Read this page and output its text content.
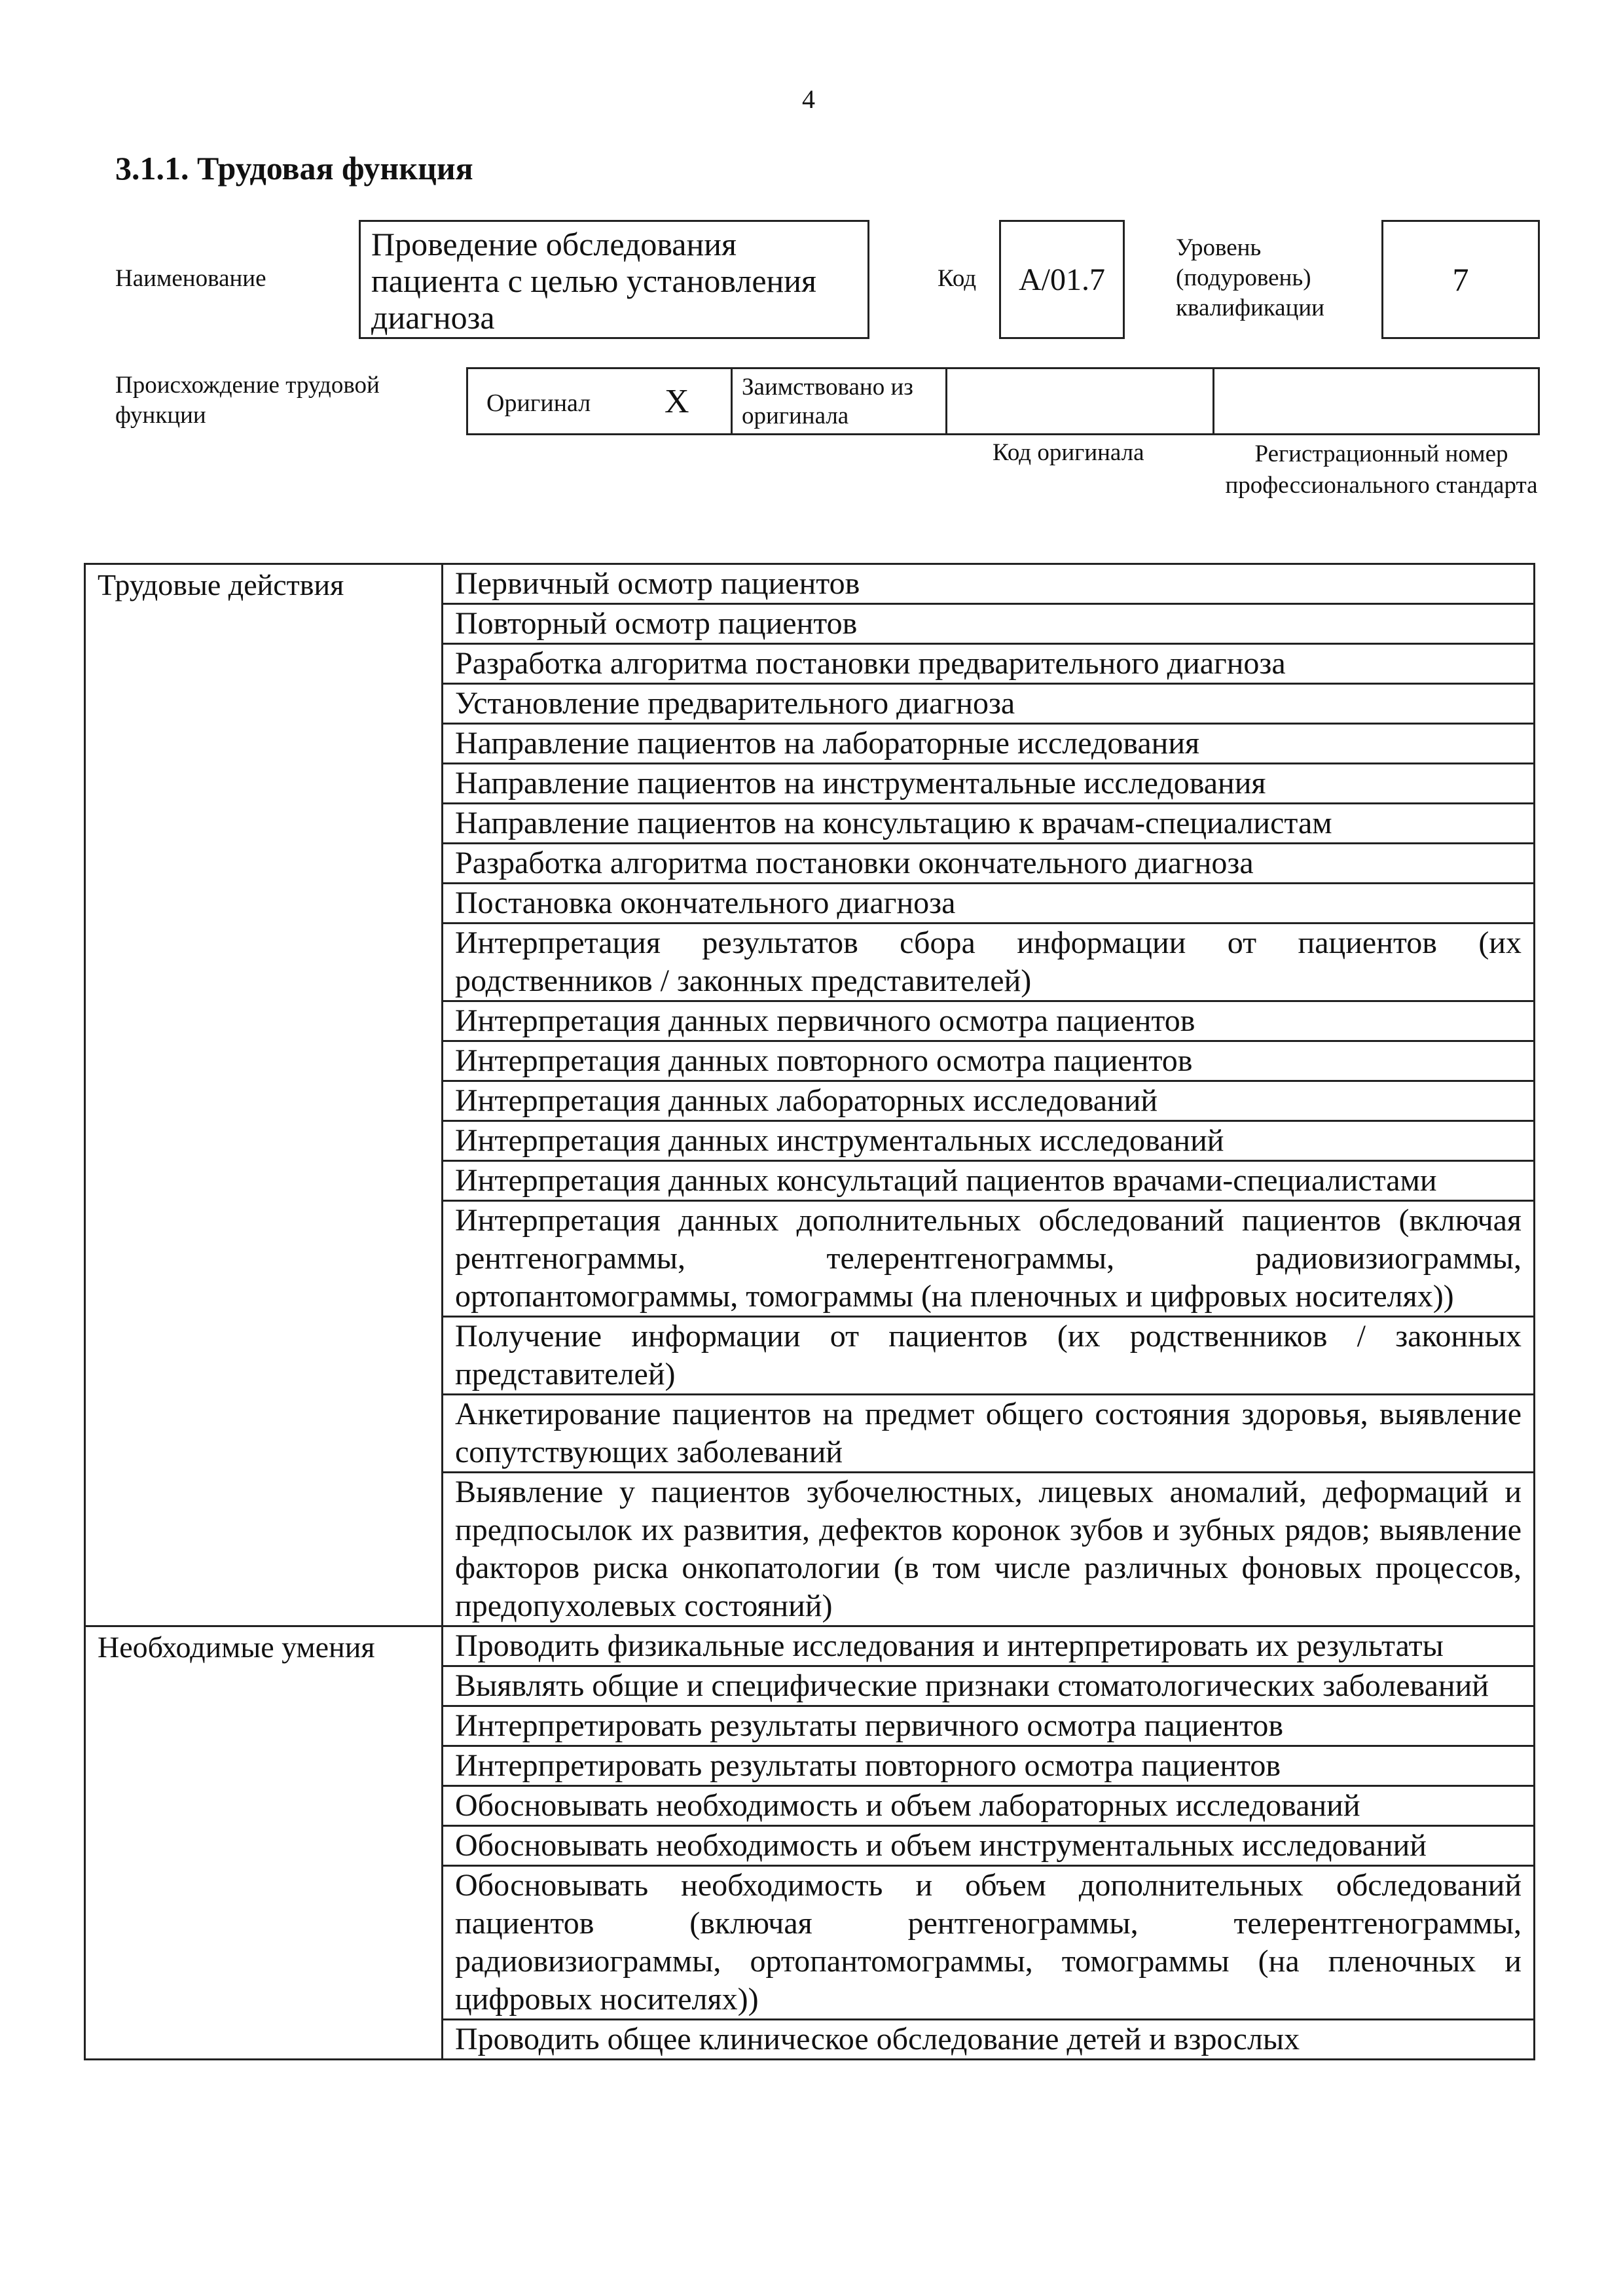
4
3.1.1. Трудовая функция
Наименование
Проведение обследования пациента с целью установления диагноза
Код A/01.7
Уровень (подуровень) квалификации
7
Происхождение трудовой функции	Оригинал X	Заимствовано из оригинала
Код оригинала	Регистрационный номер профессионального стандарта
Трудовые действия	Первичный осмотр пациентов
	Повторный осмотр пациентов
	Разработка алгоритма постановки предварительного диагноза
	Установление предварительного диагноза
	Направление пациентов на лабораторные исследования
	Направление пациентов на инструментальные исследования
	Направление пациентов на консультацию к врачам-специалистам
	Разработка алгоритма постановки окончательного диагноза
	Постановка окончательного диагноза
	Интерпретация результатов сбора информации от пациентов (их родственников / законных представителей)
	Интерпретация данных первичного осмотра пациентов
	Интерпретация данных повторного осмотра пациентов
	Интерпретация данных лабораторных исследований
	Интерпретация данных инструментальных исследований
	Интерпретация данных консультаций пациентов врачами-специалистами
	Интерпретация данных дополнительных обследований пациентов (включая рентгенограммы, телерентгенограммы, радиовизиограммы, ортопантомограммы, томограммы (на пленочных и цифровых носителях))
	Получение информации от пациентов (их родственников / законных представителей)
	Анкетирование пациентов на предмет общего состояния здоровья, выявление сопутствующих заболеваний
	Выявление у пациентов зубочелюстных, лицевых аномалий, деформаций и предпосылок их развития, дефектов коронок зубов и зубных рядов; выявление факторов риска онкопатологии (в том числе различных фоновых процессов, предопухолевых состояний)
Необходимые умения	Проводить физикальные исследования и интерпретировать их результаты
	Выявлять общие и специфические признаки стоматологических заболеваний
	Интерпретировать результаты первичного осмотра пациентов
	Интерпретировать результаты повторного осмотра пациентов
	Обосновывать необходимость и объем лабораторных исследований
	Обосновывать необходимость и объем инструментальных исследований
	Обосновывать необходимость и объем дополнительных обследований пациентов (включая рентгенограммы, телерентгенограммы, радиовизиограммы, ортопантомограммы, томограммы (на пленочных и цифровых носителях))
	Проводить общее клиническое обследование детей и взрослых
